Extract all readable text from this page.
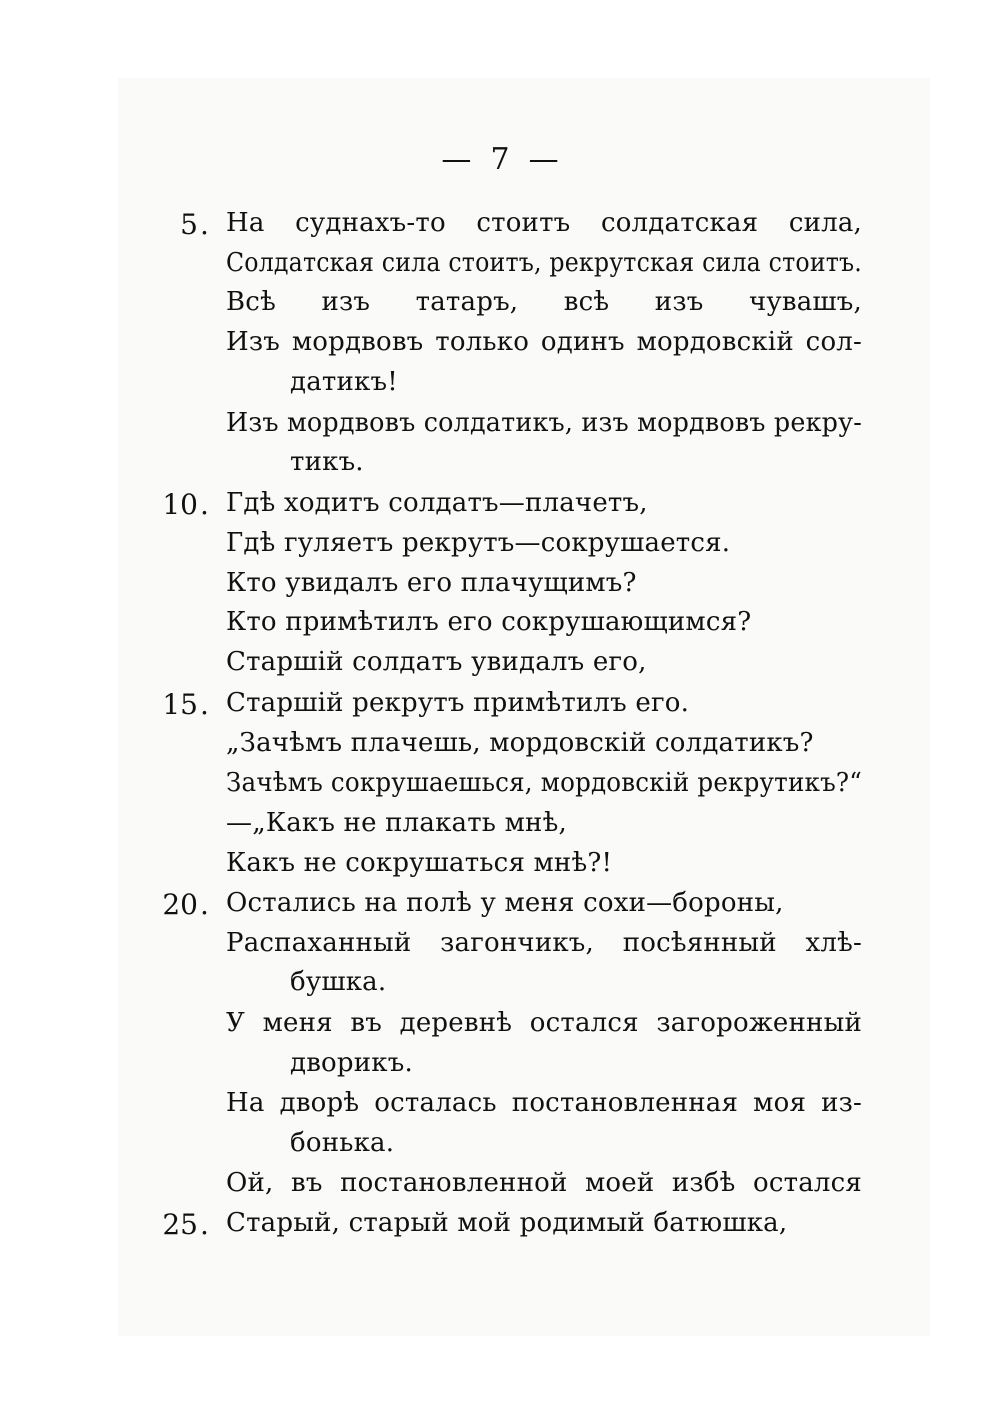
—  7  —
5 . На суднахъ-то стоитъ солдатская сила,
Солдатская сила стоитъ, рекрутская сила стоитъ.
Всѣ изъ татаръ, всѣ изъ чувашъ,
Изъ мордвовъ только одинъ мордовскій сол-
датикъ!
Изъ мордвовъ солдатикъ, изъ мордвовъ рекру-
тикъ.
10 . Гдѣ ходитъ солдатъ—плачетъ,
Гдѣ гуляетъ рекрутъ—сокрушается.
Кто увидалъ его плачущимъ?
Кто примѣтилъ его сокрушающимся?
Старшій солдатъ увидалъ его,
15 . Старшій рекрутъ примѣтилъ его.
„Зачѣмъ плачешь, мордовскій солдатикъ?
Зачѣмъ сокрушаешься, мордовскій рекрутикъ?“
—„Какъ не плакать мнѣ,
Какъ не сокрушаться мнѣ?!
20 . Остались на полѣ у меня сохи—бороны,
Распаханный загончикъ, посѣянный хлѣ-
бушка.
У меня въ деревнѣ остался загороженный
дворикъ.
На дворѣ осталась постановленная моя из-
бонька.
Ой, въ постановленной моей избѣ остался
25 . Старый, старый мой родимый батюшка,
